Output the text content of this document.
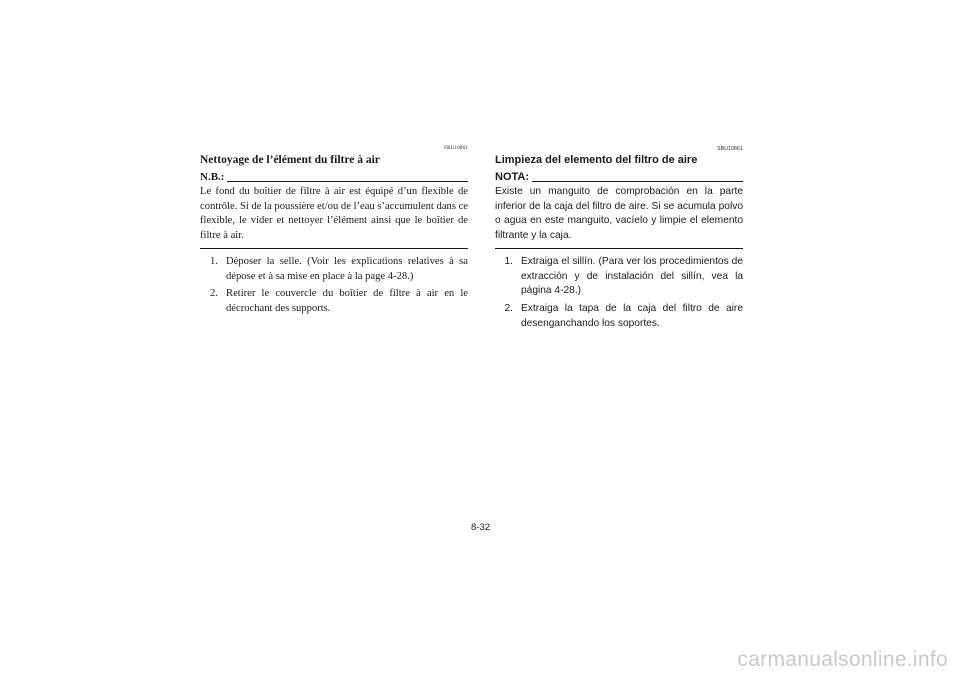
FBU10861
Nettoyage de l’élément du filtre à air
N.B.:
Le fond du boîtier de filtre à air est équipé d’un flexible de contrôle. Si de la poussière et/ou de l’eau s’accumulent dans ce flexible, le vider et nettoyer l’élément ainsi que le boîtier de filtre à air.
1. Déposer la selle. (Voir les explications relatives à sa dépose et à sa mise en place à la page 4-28.)
2. Retirer le couvercle du boîtier de filtre à air en le décrochant des supports.
SBU10861
Limpieza del elemento del filtro de aire
NOTA:
Existe un manguito de comprobación en la parte inferior de la caja del filtro de aire. Si se acumula polvo o agua en este manguito, vacíelo y limpie el elemento filtrante y la caja.
1. Extraiga el sillín. (Para ver los procedimientos de extracción y de instalación del sillín, vea la página 4-28.)
2. Extraiga la tapa de la caja del filtro de aire desenganchando los soportes.
8-32
carmanualsonline.info
